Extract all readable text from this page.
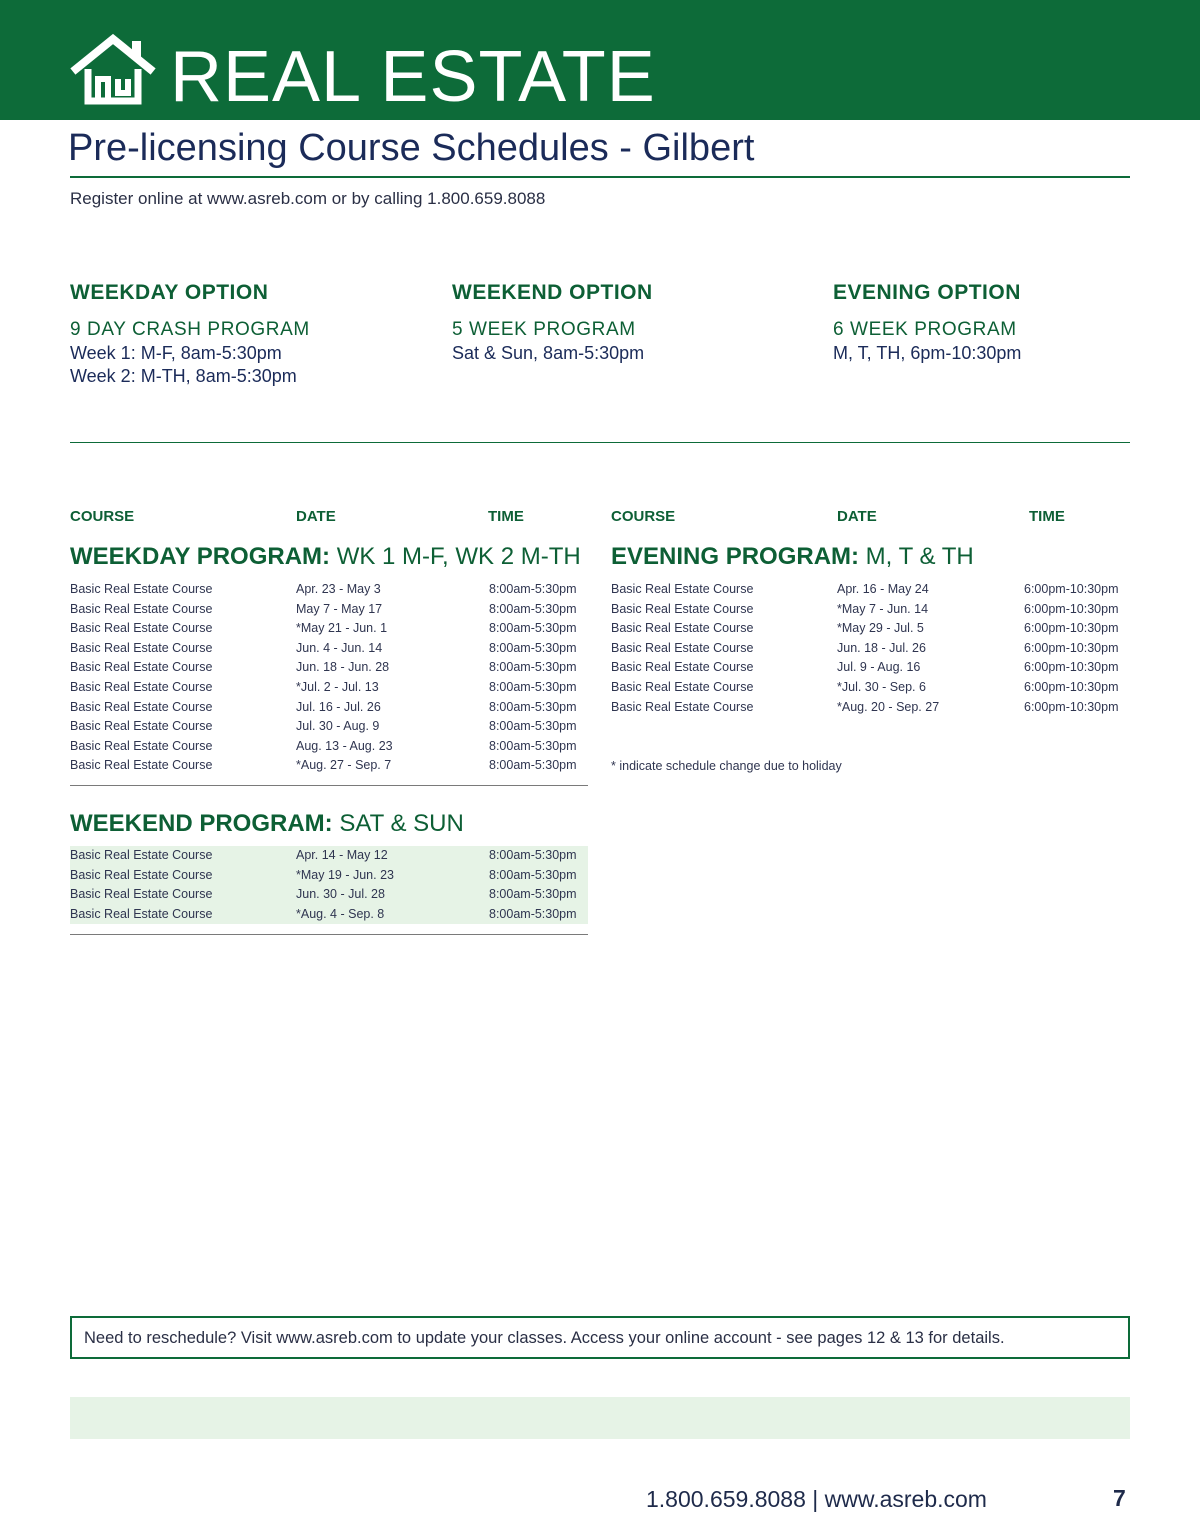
REAL ESTATE
Pre-licensing Course Schedules - Gilbert
Register online at www.asreb.com or by calling 1.800.659.8088
WEEKDAY OPTION
9 DAY CRASH PROGRAM
Week 1: M-F, 8am-5:30pm
Week 2: M-TH, 8am-5:30pm
WEEKEND OPTION
5 WEEK PROGRAM
Sat & Sun, 8am-5:30pm
EVENING OPTION
6 WEEK PROGRAM
M, T, TH, 6pm-10:30pm
COURSE	DATE	TIME	COURSE	DATE	TIME
WEEKDAY PROGRAM: WK 1 M-F, WK 2 M-TH
Basic Real Estate Course	Apr. 23 - May 3	8:00am-5:30pm
Basic Real Estate Course	May 7 - May 17	8:00am-5:30pm
Basic Real Estate Course	*May 21 - Jun. 1	8:00am-5:30pm
Basic Real Estate Course	Jun. 4 - Jun. 14	8:00am-5:30pm
Basic Real Estate Course	Jun. 18 - Jun. 28	8:00am-5:30pm
Basic Real Estate Course	*Jul. 2 - Jul. 13	8:00am-5:30pm
Basic Real Estate Course	Jul. 16 - Jul. 26	8:00am-5:30pm
Basic Real Estate Course	Jul. 30 - Aug. 9	8:00am-5:30pm
Basic Real Estate Course	Aug. 13 - Aug. 23	8:00am-5:30pm
Basic Real Estate Course	*Aug. 27 - Sep. 7	8:00am-5:30pm
EVENING PROGRAM: M, T & TH
Basic Real Estate Course	Apr. 16 - May 24	6:00pm-10:30pm
Basic Real Estate Course	*May 7 - Jun. 14	6:00pm-10:30pm
Basic Real Estate Course	*May 29 - Jul. 5	6:00pm-10:30pm
Basic Real Estate Course	Jun. 18 - Jul. 26	6:00pm-10:30pm
Basic Real Estate Course	Jul. 9 - Aug. 16	6:00pm-10:30pm
Basic Real Estate Course	*Jul. 30 - Sep. 6	6:00pm-10:30pm
Basic Real Estate Course	*Aug. 20 - Sep. 27	6:00pm-10:30pm
* indicate schedule change due to holiday
WEEKEND PROGRAM: SAT & SUN
Basic Real Estate Course	Apr. 14 - May 12	8:00am-5:30pm
Basic Real Estate Course	*May 19 - Jun. 23	8:00am-5:30pm
Basic Real Estate Course	Jun. 30 - Jul. 28	8:00am-5:30pm
Basic Real Estate Course	*Aug. 4 - Sep. 8	8:00am-5:30pm
Need to reschedule? Visit www.asreb.com to update your classes. Access your online account - see pages 12 & 13 for details.
1.800.659.8088 | www.asreb.com	7
